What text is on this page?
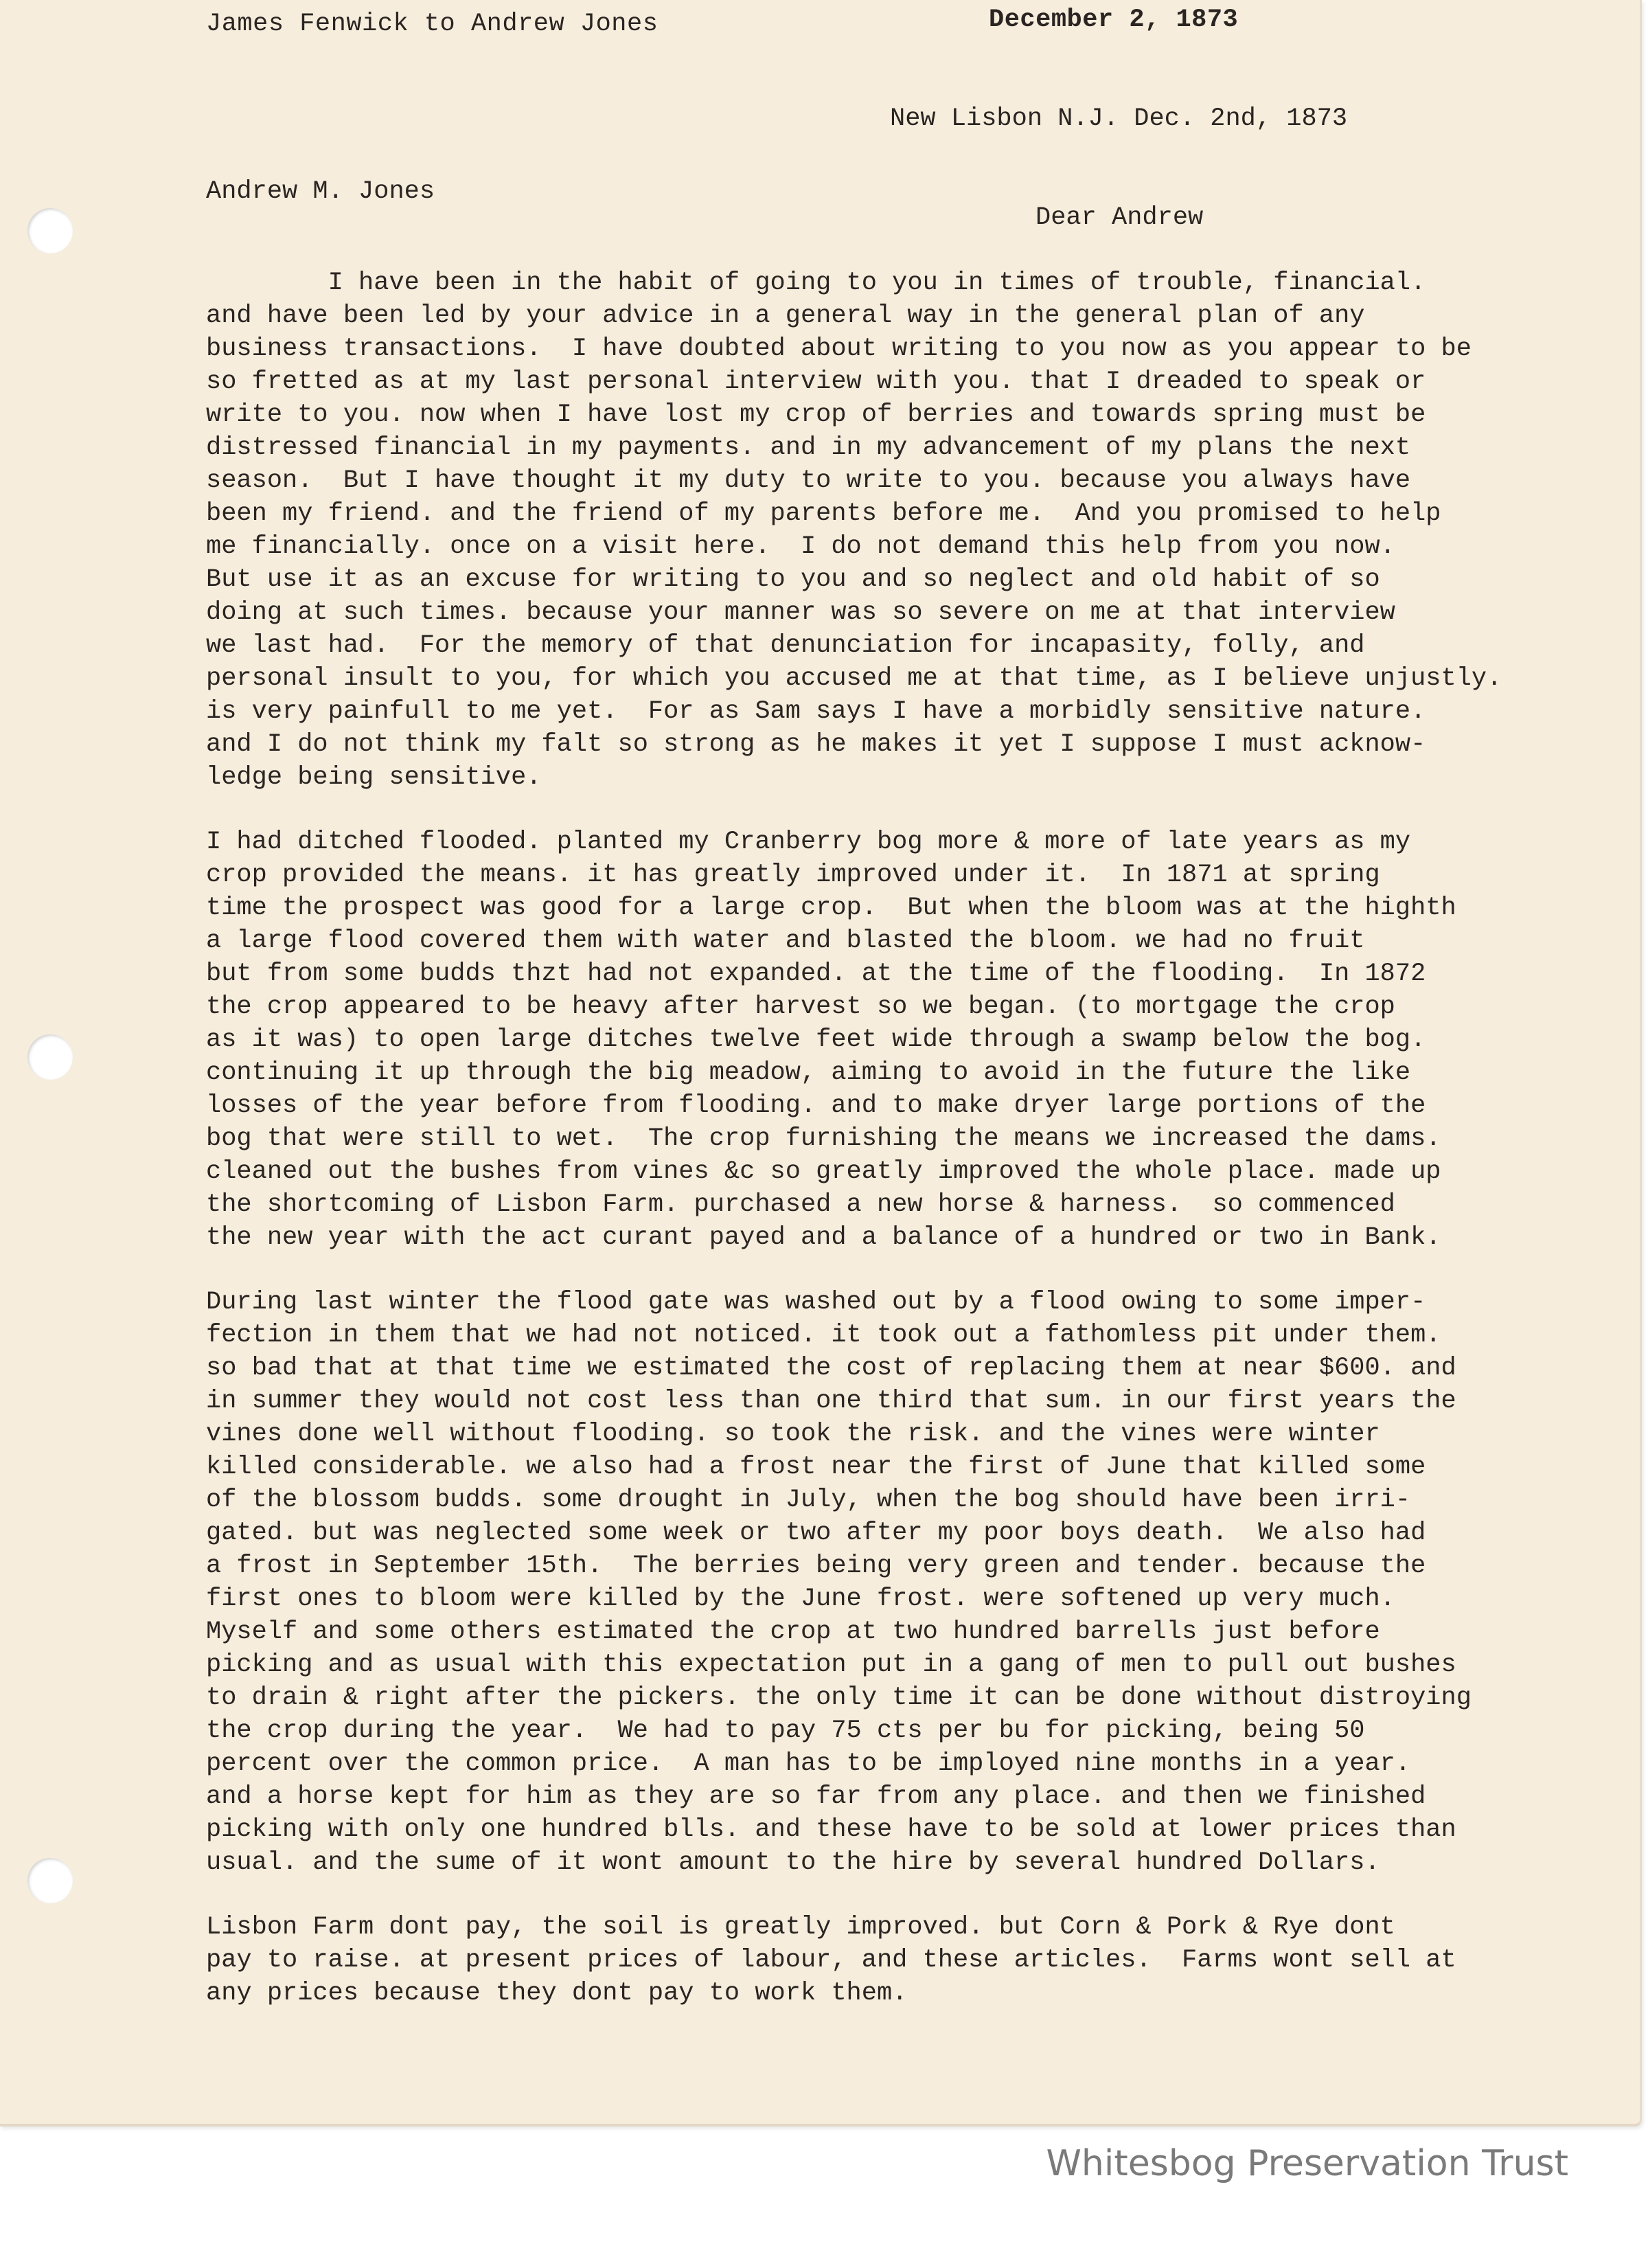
James Fenwick to Andrew Jones	December 2, 1873
New Lisbon N.J. Dec. 2nd, 1873
Andrew M. Jones
Dear Andrew

I have been in the habit of going to you in times of trouble, financial.
and have been led by your advice in a general way in the general plan of any
business transactions.  I have doubted about writing to you now as you appear to be
so fretted as at my last personal interview with you. that I dreaded to speak or
write to you. now when I have lost my crop of berries and towards spring must be
distressed financial in my payments. and in my advancement of my plans the next
season.  But I have thought it my duty to write to you. because you always have
been my friend. and the friend of my parents before me.  And you promised to help
me financially. once on a visit here.  I do not demand this help from you now.
But use it as an excuse for writing to you and so neglect and old habit of so
doing at such times. because your manner was so severe on me at that interview
we last had.  For the memory of that denunciation for incapasity, folly, and
personal insult to you, for which you accused me at that time, as I believe unjustly.
is very painfull to me yet.  For as Sam says I have a morbidly sensitive nature.
and I do not think my falt so strong as he makes it yet I suppose I must acknow-
ledge being sensitive.

I had ditched flooded. planted my Cranberry bog more & more of late years as my
crop provided the means. it has greatly improved under it.  In 1871 at spring
time the prospect was good for a large crop.  But when the bloom was at the highth
a large flood covered them with water and blasted the bloom. we had no fruit
but from some budds thzt had not expanded. at the time of the flooding.  In 1872
the crop appeared to be heavy after harvest so we began. (to mortgage the crop
as it was) to open large ditches twelve feet wide through a swamp below the bog.
continuing it up through the big meadow, aiming to avoid in the future the like
losses of the year before from flooding. and to make dryer large portions of the
bog that were still to wet.  The crop furnishing the means we increased the dams.
cleaned out the bushes from vines &c so greatly improved the whole place. made up
the shortcoming of Lisbon Farm. purchased a new horse & harness.  so commenced
the new year with the act curant payed and a balance of a hundred or two in Bank.

During last winter the flood gate was washed out by a flood owing to some imper-
fection in them that we had not noticed. it took out a fathomless pit under them.
so bad that at that time we estimated the cost of replacing them at near $600. and
in summer they would not cost less than one third that sum. in our first years the
vines done well without flooding. so took the risk. and the vines were winter
killed considerable. we also had a frost near the first of June that killed some
of the blossom budds. some drought in July, when the bog should have been irri-
gated. but was neglected some week or two after my poor boys death.  We also had
a frost in September 15th.  The berries being very green and tender. because the
first ones to bloom were killed by the June frost. were softened up very much.
Myself and some others estimated the crop at two hundred barrells just before
picking and as usual with this expectation put in a gang of men to pull out bushes
to drain & right after the pickers. the only time it can be done without distroying
the crop during the year.  We had to pay 75 cts per bu for picking, being 50
percent over the common price.  A man has to be imployed nine months in a year.
and a horse kept for him as they are so far from any place. and then we finished
picking with only one hundred blls. and these have to be sold at lower prices than
usual. and the sume of it wont amount to the hire by several hundred Dollars.

Lisbon Farm dont pay, the soil is greatly improved. but Corn & Pork & Rye dont
pay to raise. at present prices of labour, and these articles.  Farms wont sell at
any prices because they dont pay to work them.

Whitesbog Preservation Trust
